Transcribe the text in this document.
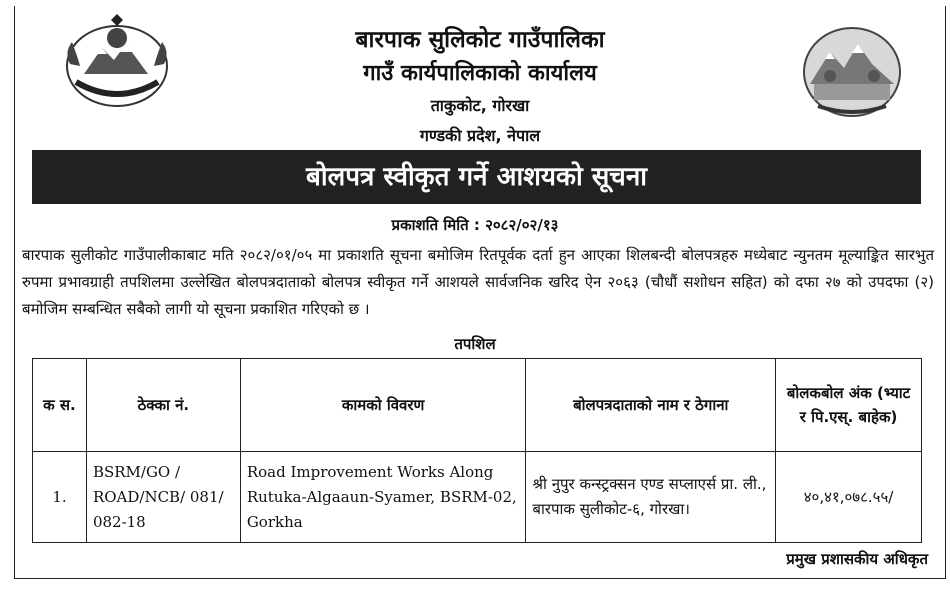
बारपाक सुलिकोट गाउँपालिका
गाउँ कार्यपालिकाको कार्यालय
ताकुकोट, गोरखा
गण्डकी प्रदेश, नेपाल
बोलपत्र स्वीकृत गर्ने आशयको सूचना
प्रकाशति मिति : २०८२/०२/१३
बारपाक सुलीकोट गाउँपालीकाबाट मति २०८२/०१/०५ मा प्रकाशति सूचना बमोजिम रितपूर्वक दर्ता हुन आएका शिलबन्दी बोलपत्रहरु मध्येबाट न्युनतम मूल्याङ्कित सारभुत रुपमा प्रभावग्राही तपशिलमा उल्लेखित बोलपत्रदाताको बोलपत्र स्वीकृत गर्ने आशयले सार्वजनिक खरिद ऐन २०६३ (चौधौं सशोधन सहित) को दफा २७ को उपदफा (२) बमोजिम सम्बन्धित सबैको लागी यो सूचना प्रकाशित गरिएको छ ।
तपशिल
क स.	ठेक्का नं.	कामको विवरण	बोलपत्रदाताको नाम र ठेगाना	बोलकबोल अंक (भ्याट र पि.एस्. बाहेक)
1.	BSRM/GO / ROAD/NCB/ 081/ 082-18	Road Improvement Works Along Rutuka-Algaaun-Syamer, BSRM-02, Gorkha	श्री नुपुर कन्स्ट्रक्सन एण्ड सप्लाएर्स प्रा. ली., बारपाक सुलीकोट-६, गोरखा।	४०,४१,०७८.५५/
प्रमुख प्रशासकीय अधिकृत
